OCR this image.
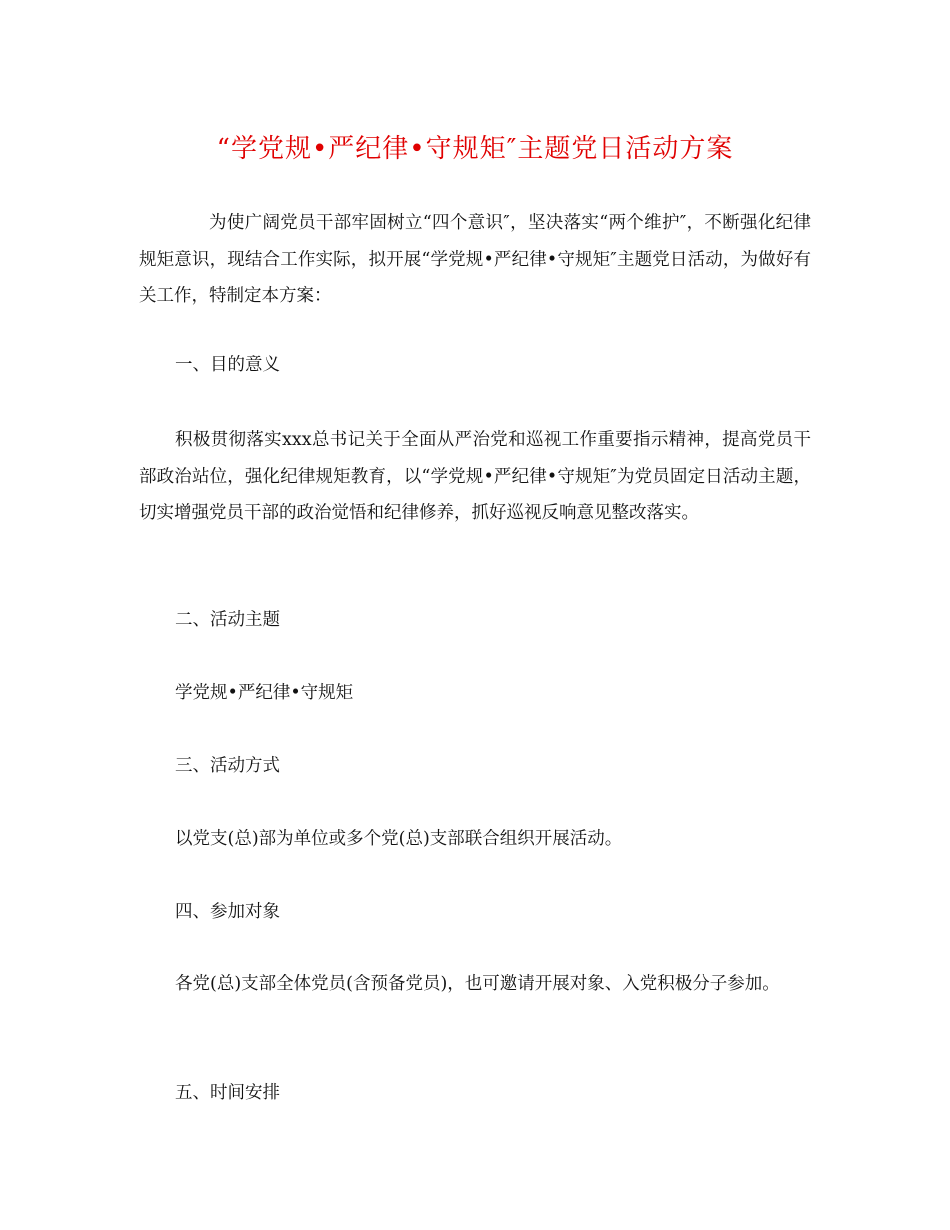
“学党规•严纪律•守规矩″主题党日活动方案

为使广阔党员干部牢固树立“四个意识″，坚决落实“两个维护″，不断强化纪律规矩意识，现结合工作实际，拟开展“学党规•严纪律•守规矩″主题党日活动，为做好有关工作，特制定本方案：

一、目的意义

积极贯彻落实xxx总书记关于全面从严治党和巡视工作重要指示精神，提高党员干部政治站位，强化纪律规矩教育，以“学党规•严纪律•守规矩″为党员固定日活动主题，切实增强党员干部的政治觉悟和纪律修养，抓好巡视反响意见整改落实。

二、活动主题

学党规•严纪律•守规矩

三、活动方式

以党支(总)部为单位或多个党(总)支部联合组织开展活动。

四、参加对象

各党(总)支部全体党员(含预备党员)，也可邀请开展对象、入党积极分子参加。

五、时间安排
